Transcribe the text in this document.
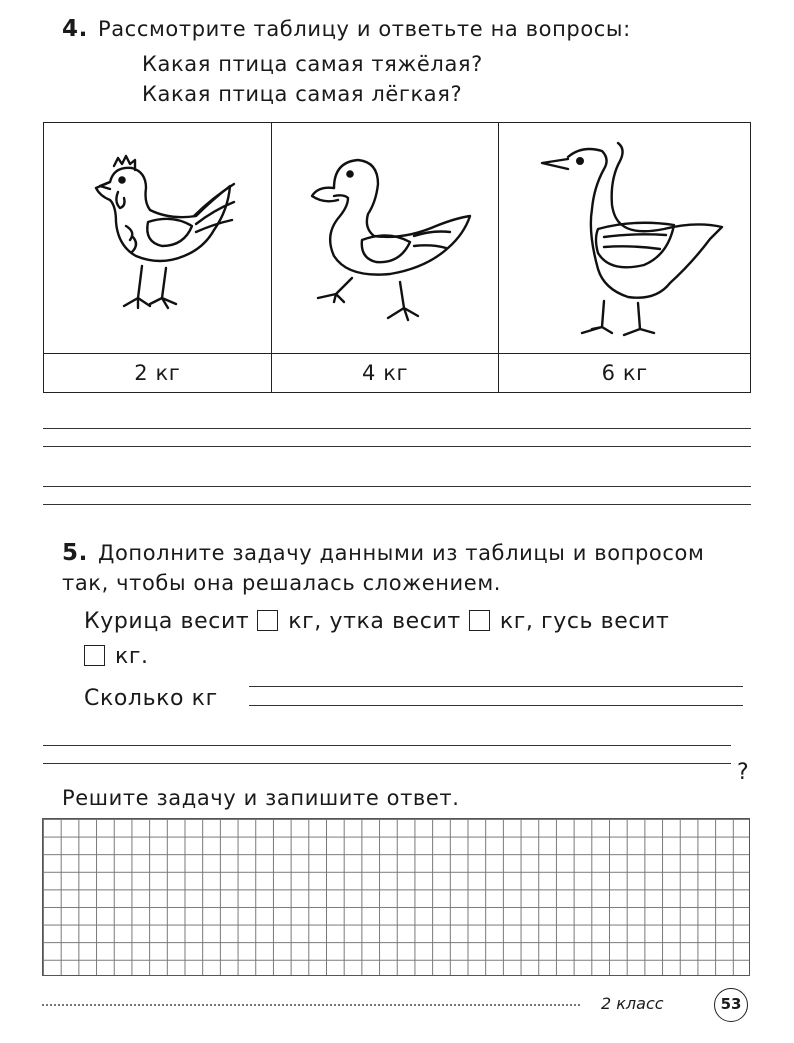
4. Рассмотрите таблицу и ответьте на вопросы:
Какая птица самая тяжёлая?
Какая птица самая лёгкая?

2 кг	4 кг	6 кг
5. Дополните задачу данными из таблицы и вопросом
так, чтобы она решалась сложением.
Курица весит кг, утка весит кг, гусь весит
кг.
Сколько кг
?
Решите задачу и запишите ответ.
2 класс	53
